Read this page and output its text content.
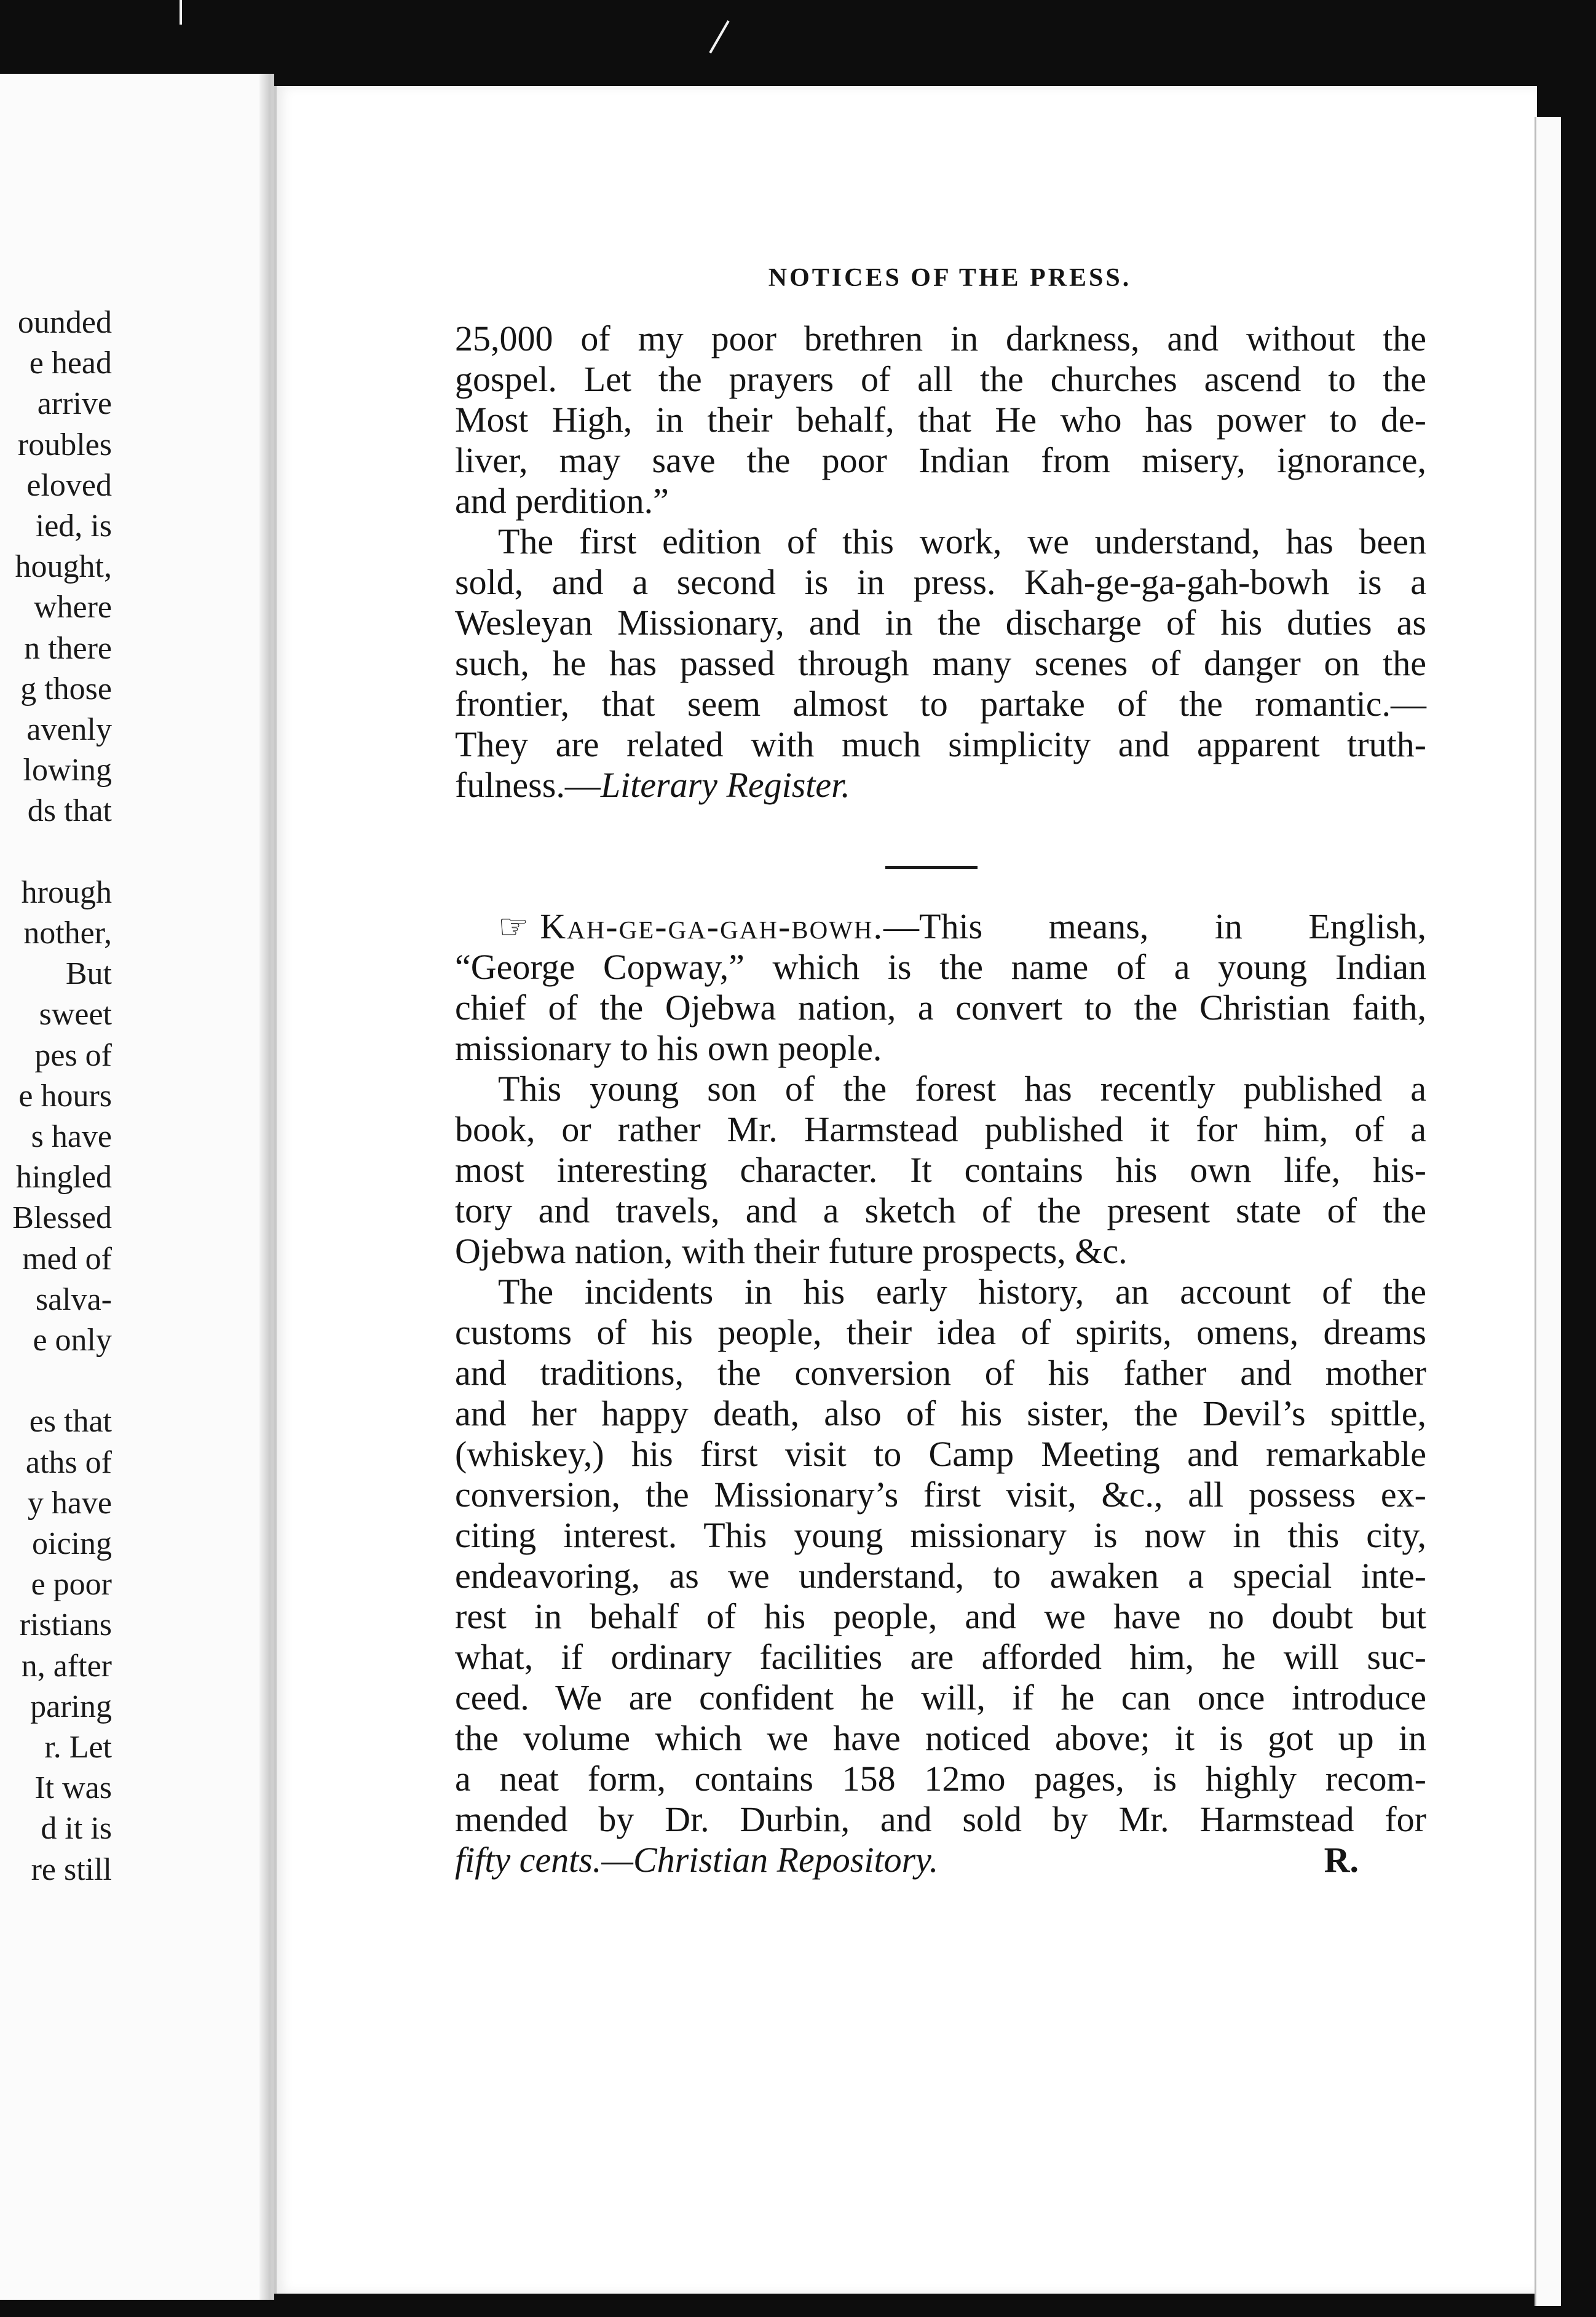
ounded
e head
arrive
roubles
eloved
ied, is
hought,
where
n there
g those
avenly
lowing
ds that
hrough
nother,
But
sweet
pes of
e hours
s have
hingled
Blessed
med of
salva-
e only
es that
aths of
y have
oicing
e poor
ristians
n, after
paring
r. Let
It was
d it is
re still
NOTICES OF THE PRESS.
25,000 of my poor brethren in darkness, and without the
gospel. Let the prayers of all the churches ascend to the
Most High, in their behalf, that He who has power to de-
liver, may save the poor Indian from misery, ignorance,
and perdition.”
The first edition of this work, we understand, has been
sold, and a second is in press. Kah-ge-ga-gah-bowh is a
Wesleyan Missionary, and in the discharge of his duties as
such, he has passed through many scenes of danger on the
frontier, that seem almost to partake of the romantic.—
They are related with much simplicity and apparent truth-
fulness.—Literary Register.
☞ Kah-ge-ga-gah-bowh.—This means, in English,
“George Copway,” which is the name of a young Indian
chief of the Ojebwa nation, a convert to the Christian faith,
missionary to his own people.
This young son of the forest has recently published a
book, or rather Mr. Harmstead published it for him, of a
most interesting character. It contains his own life, his-
tory and travels, and a sketch of the present state of the
Ojebwa nation, with their future prospects, &c.
The incidents in his early history, an account of the
customs of his people, their idea of spirits, omens, dreams
and traditions, the conversion of his father and mother
and her happy death, also of his sister, the Devil’s spittle,
(whiskey,) his first visit to Camp Meeting and remarkable
conversion, the Missionary’s first visit, &c., all possess ex-
citing interest. This young missionary is now in this city,
endeavoring, as we understand, to awaken a special inte-
rest in behalf of his people, and we have no doubt but
what, if ordinary facilities are afforded him, he will suc-
ceed. We are confident he will, if he can once introduce
the volume which we have noticed above; it is got up in
a neat form, contains 158 12mo pages, is highly recom-
mended by Dr. Durbin, and sold by Mr. Harmstead for
fifty cents.—Christian Repository.	R.
